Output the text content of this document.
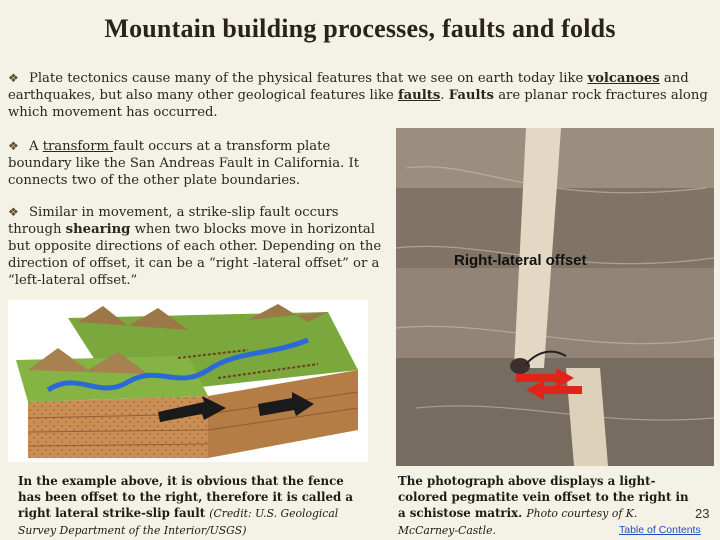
Mountain building processes, faults and folds
❖ Plate tectonics cause many of the physical features that we see on earth today like volcanoes and earthquakes, but also many other geological features like faults. Faults are planar rock fractures along which movement has occurred.
❖ A transform fault occurs at a transform plate boundary like the San Andreas Fault in California. It connects two of the other plate boundaries.
❖ Similar in movement, a strike-slip fault occurs through shearing when two blocks move in horizontal but opposite directions of each other. Depending on the direction of offset, it can be a “right -lateral offset” or a “left-lateral offset.”
Right-lateral offset
In the example above, it is obvious that the fence has been offset to the right, therefore it is called a right lateral strike-slip fault (Credit: U.S. Geological Survey Department of the Interior/USGS)
The photograph above displays a light-colored pegmatite vein offset to the right in a schistose matrix. Photo courtesy of K. McCarney-Castle.
23
Table of Contents
